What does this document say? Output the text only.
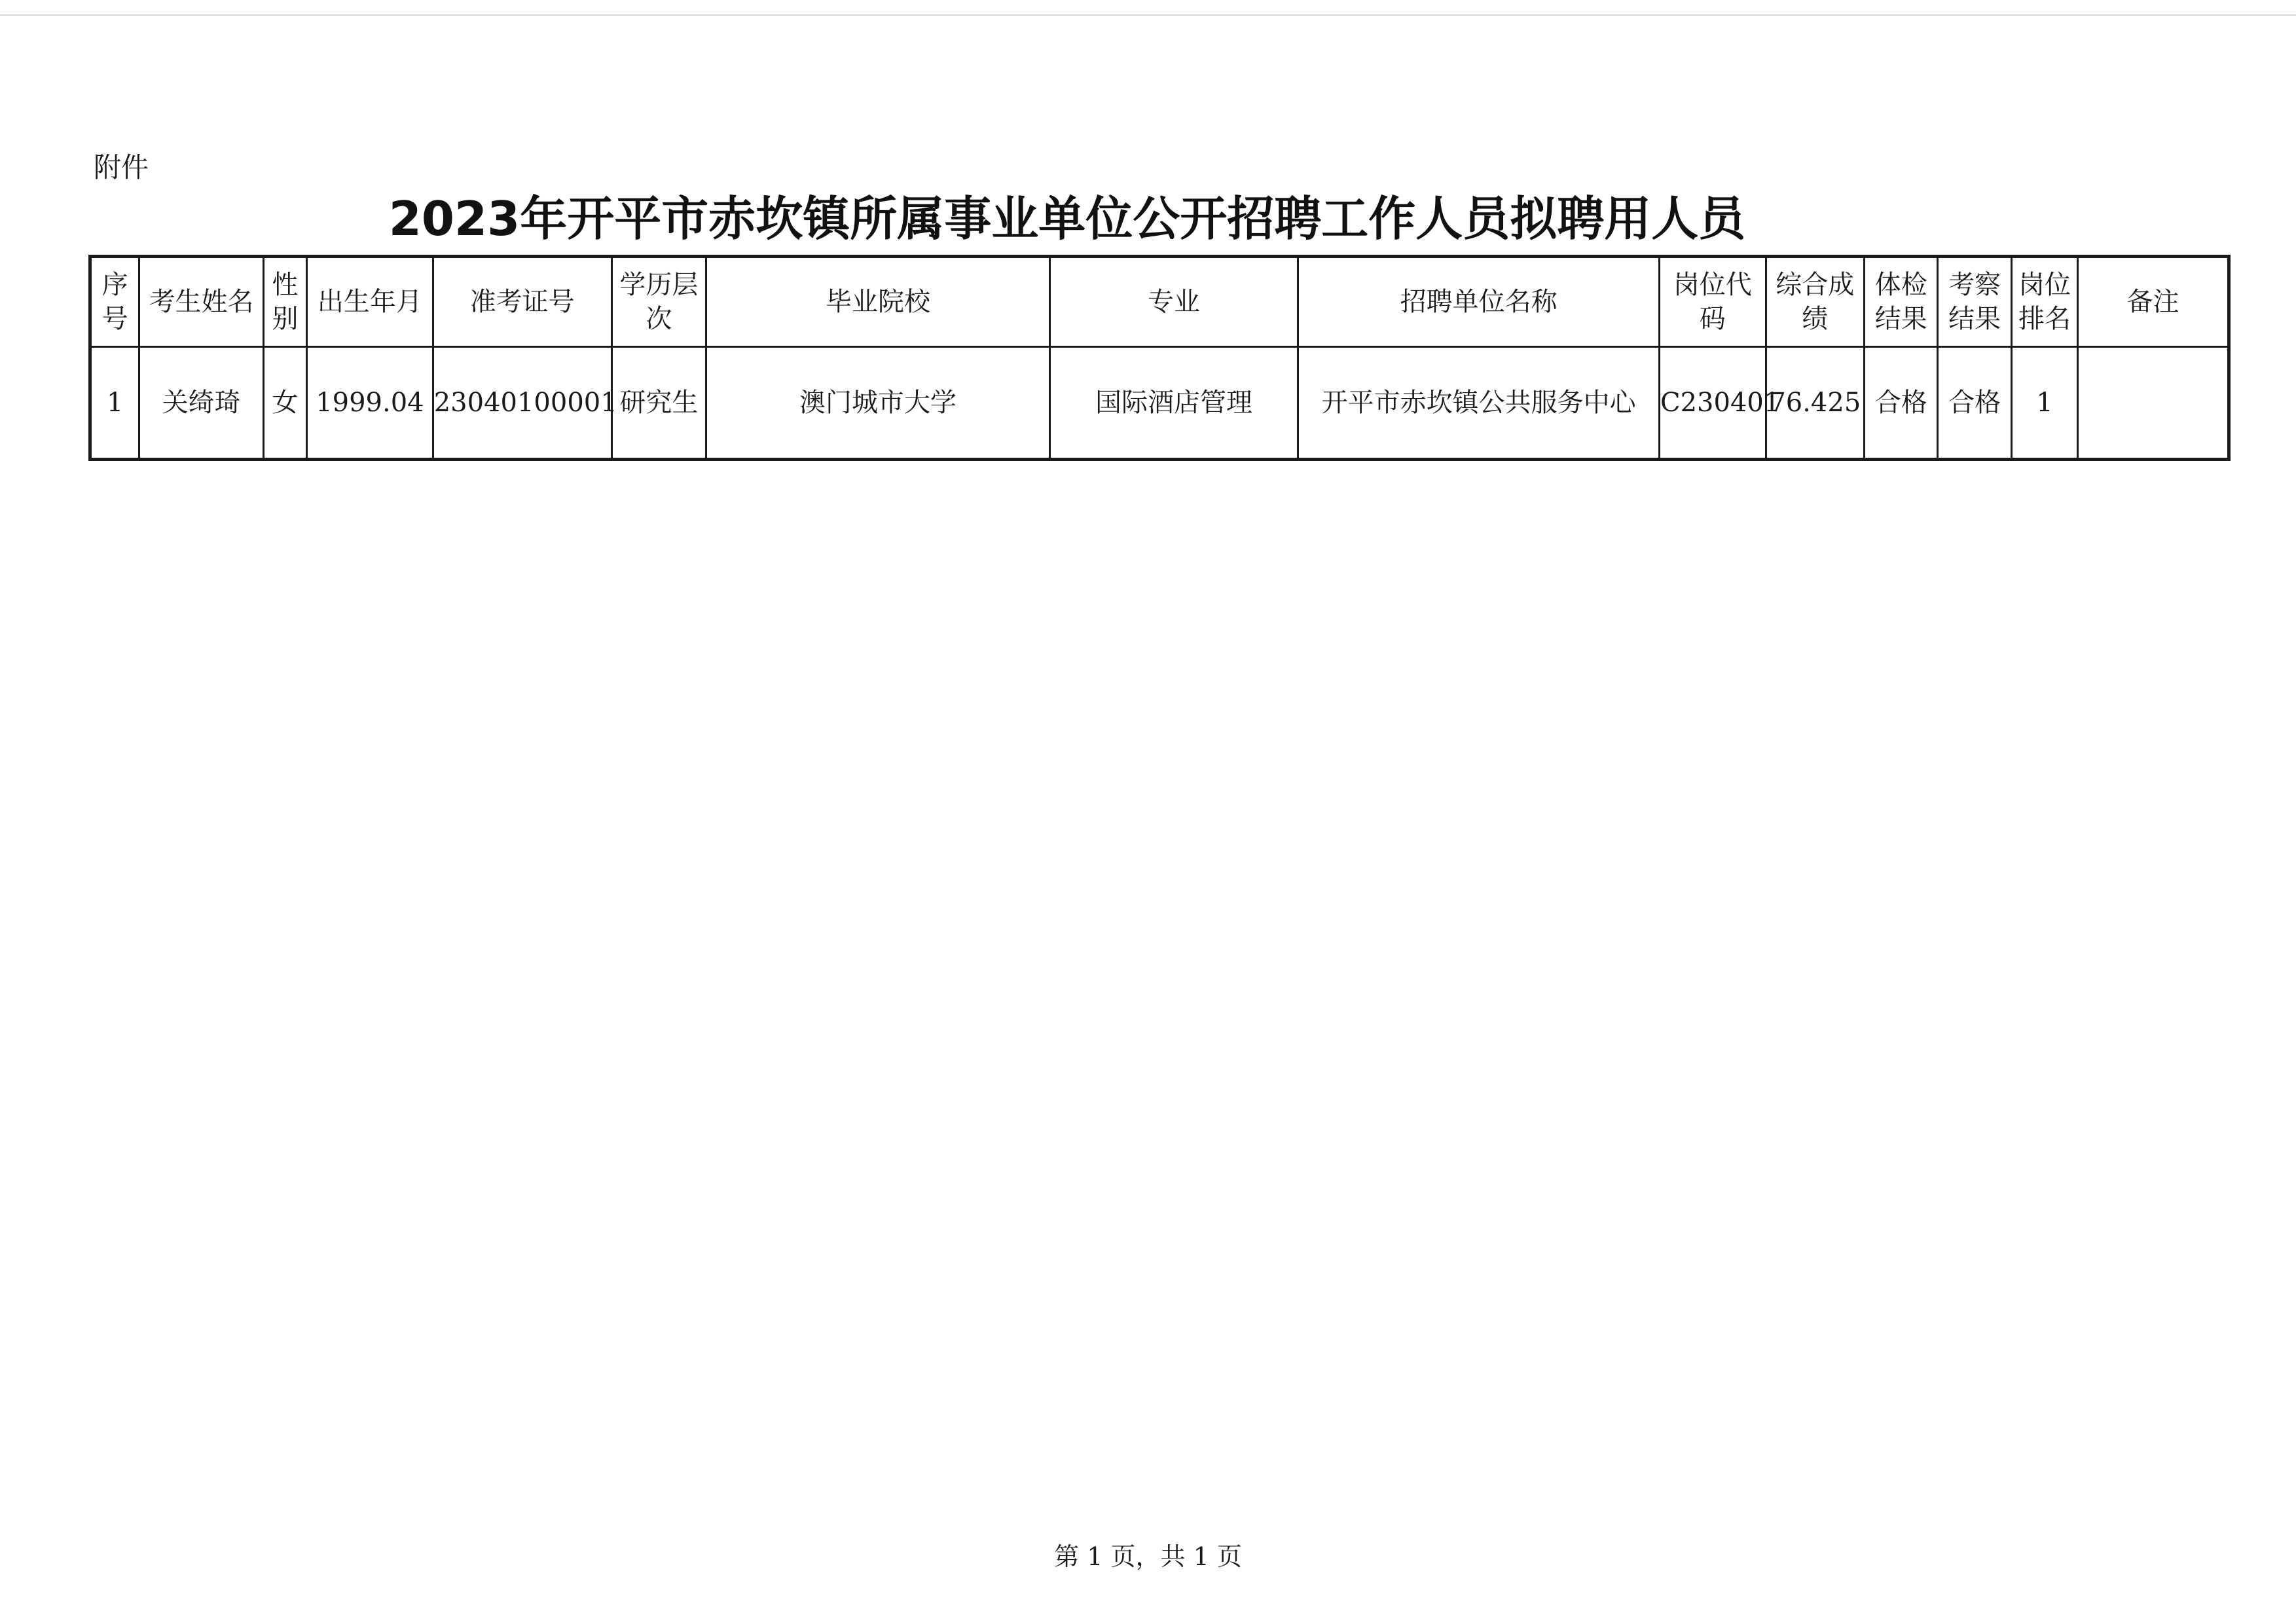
附件
2023年开平市赤坎镇所属事业单位公开招聘工作人员拟聘用人员
序号	考生姓名	性别	出生年月	准考证号	学历层次	毕业院校	专业	招聘单位名称	岗位代码	综合成绩	体检结果	考察结果	岗位排名	备注
1	关绮琦	女	1999.04	23040100001	研究生	澳门城市大学	国际酒店管理	开平市赤坎镇公共服务中心	C230401	76.425	合格	合格	1	
第 1 页，共 1 页
